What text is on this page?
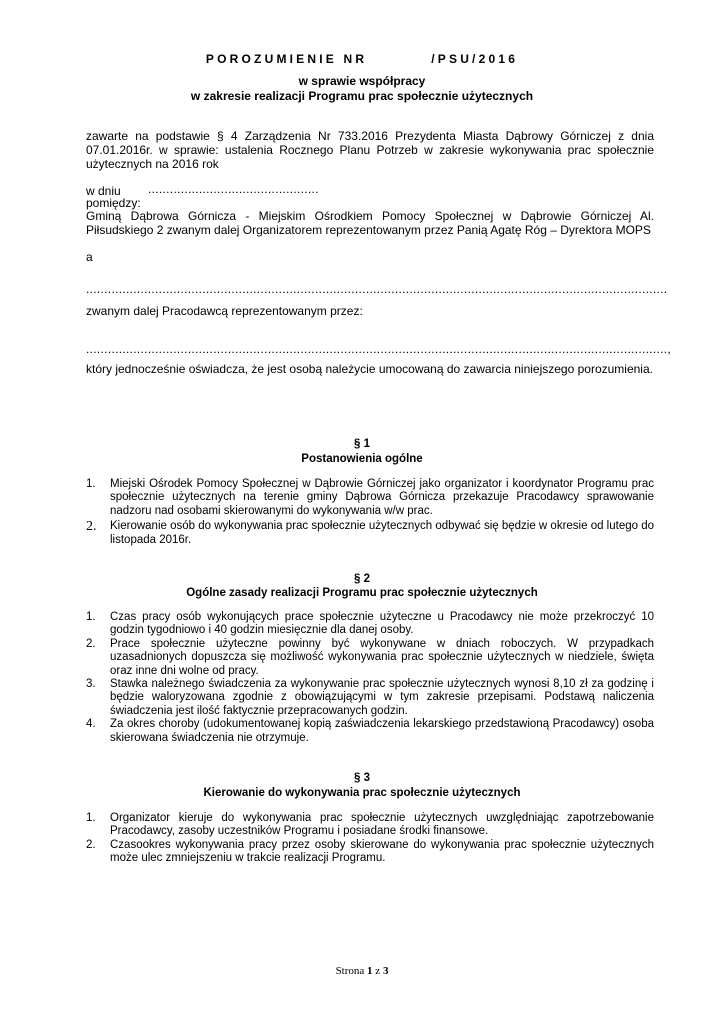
POROZUMIENIE NR	/PSU/2016
w sprawie współpracy
w zakresie realizacji Programu prac społecznie użytecznych
zawarte na podstawie § 4 Zarządzenia Nr 733.2016 Prezydenta Miasta Dąbrowy Górniczej z dnia 07.01.2016r. w sprawie: ustalenia Rocznego Planu Potrzeb w zakresie wykonywania prac społecznie użytecznych na 2016 rok
w dniu ...............................................
pomiędzy:
Gminą Dąbrowa Górnicza - Miejskim Ośrodkiem Pomocy Społecznej w Dąbrowie Górniczej Al. Piłsudskiego 2 zwanym dalej Organizatorem reprezentowanym przez Panią Agatę Róg – Dyrektora MOPS
a
................................................................................................................................................................
zwanym dalej Pracodawcą reprezentowanym przez:
................................................................................................................................................................,
który jednocześnie oświadcza, że jest osobą należycie umocowaną do zawarcia niniejszego porozumienia.
§ 1
Postanowienia ogólne
1. Miejski Ośrodek Pomocy Społecznej w Dąbrowie Górniczej jako organizator i koordynator Programu prac społecznie użytecznych na terenie gminy Dąbrowa Górnicza przekazuje Pracodawcy sprawowanie nadzoru nad osobami skierowanymi do wykonywania w/w prac.
2. Kierowanie osób do wykonywania prac społecznie użytecznych odbywać się będzie w okresie od lutego do listopada 2016r.
§ 2
Ogólne zasady realizacji Programu prac społecznie użytecznych
1. Czas pracy osób wykonujących prace społecznie użyteczne u Pracodawcy nie może przekroczyć 10 godzin tygodniowo i 40 godzin miesięcznie dla danej osoby.
2. Prace społecznie użyteczne powinny być wykonywane w dniach roboczych. W przypadkach uzasadnionych dopuszcza się możliwość wykonywania prac społecznie użytecznych w niedziele, święta oraz inne dni wolne od pracy.
3. Stawka należnego świadczenia za wykonywanie prac społecznie użytecznych wynosi 8,10 zł za godzinę i będzie waloryzowana zgodnie z obowiązującymi w tym zakresie przepisami. Podstawą naliczenia świadczenia jest ilość faktycznie przepracowanych godzin.
4. Za okres choroby (udokumentowanej kopią zaświadczenia lekarskiego przedstawioną Pracodawcy) osoba skierowana świadczenia nie otrzymuje.
§ 3
Kierowanie do wykonywania prac społecznie użytecznych
1. Organizator kieruje do wykonywania prac społecznie użytecznych uwzględniając zapotrzebowanie Pracodawcy, zasoby uczestników Programu i posiadane środki finansowe.
2. Czasookres wykonywania pracy przez osoby skierowane do wykonywania prac społecznie użytecznych może ulec zmniejszeniu w trakcie realizacji Programu.
Strona 1 z 3
